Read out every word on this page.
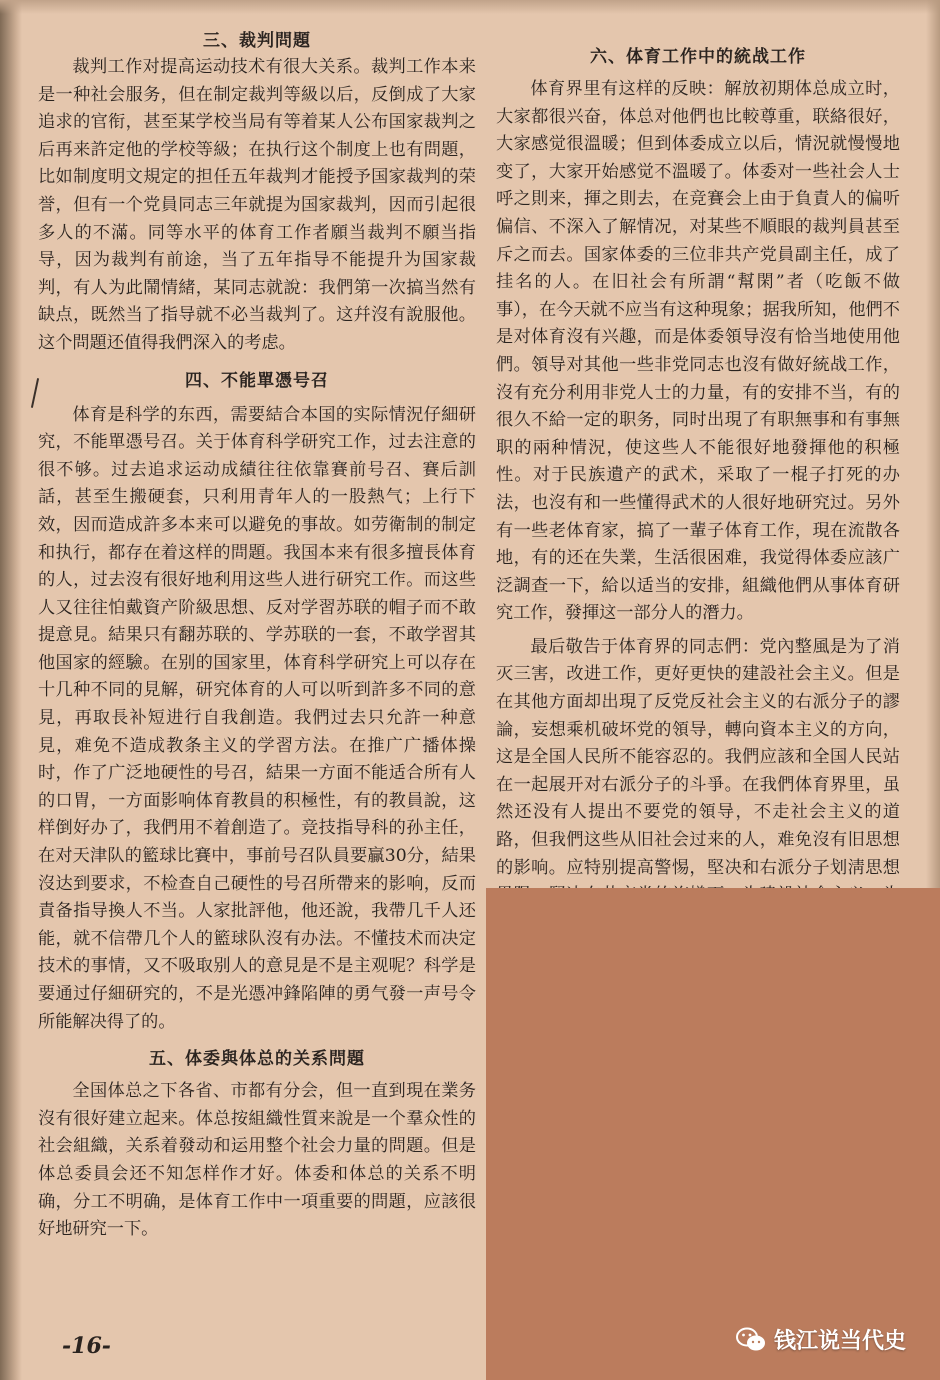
三、裁判問題

裁判工作对提高运动技术有很大关系。裁判工作本来是一种社会服务，但在制定裁判等級以后，反倒成了大家追求的官衔，甚至某学校当局有等着某人公布国家裁判之后再来許定他的学校等級；在执行这个制度上也有問題，比如制度明文規定的担任五年裁判才能授予国家裁判的荣誉，但有一个党員同志三年就提为国家裁判，因而引起很多人的不滿。同等水平的体育工作者願当裁判不願当指导，因为裁判有前途，当了五年指导不能提升为国家裁判，有人为此鬧情緒，某同志就說：我們第一次搞当然有缺点，既然当了指导就不必当裁判了。这幷沒有說服他。这个問題还值得我們深入的考虑。

四、不能單憑号召

体育是科学的东西，需要結合本国的实际情況仔細研究，不能單憑号召。关于体育科学研究工作，过去注意的很不够。过去追求运动成績往往依靠賽前号召、賽后訓話，甚至生搬硬套，只利用青年人的一股熱气；上行下效，因而造成許多本来可以避免的事故。如劳衛制的制定和执行，都存在着这样的問題。我国本来有很多擅長体育的人，过去沒有很好地利用这些人进行研究工作。而这些人又往往怕戴資产阶級思想、反对学習苏联的帽子而不敢提意見。結果只有翻苏联的、学苏联的一套，不敢学習其他国家的經驗。在别的国家里，体育科学研究上可以存在十几种不同的見解，研究体育的人可以听到許多不同的意見，再取長补短进行自我創造。我們过去只允許一种意見，难免不造成教条主义的学習方法。在推广广播体操时，作了广泛地硬性的号召，結果一方面不能适合所有人的口胃，一方面影响体育教員的积極性，有的教員說，这样倒好办了，我們用不着創造了。竞技指导科的孙主任，在对天津队的籃球比賽中，事前号召队員要贏30分，結果沒达到要求，不检查自己硬性的号召所帶来的影响，反而責备指导換人不当。人家批評他，他还說，我帶几千人还能，就不信帶几个人的籃球队沒有办法。不懂技术而决定技术的事情，又不吸取别人的意見是不是主观呢？科学是要通过仔細研究的，不是光憑冲鋒陷陣的勇气發一声号令所能解决得了的。

五、体委與体总的关系問題

全国体总之下各省、市都有分会，但一直到現在業务沒有很好建立起来。体总按組織性質来說是一个羣众性的社会組織，关系着發动和运用整个社会力量的問題。但是体总委員会还不知怎样作才好。体委和体总的关系不明确，分工不明确，是体育工作中一項重要的問題，应該很好地研究一下。

六、体育工作中的統战工作

体育界里有这样的反映：解放初期体总成立时，大家都很兴奋，体总对他們也比較尊重，联絡很好，大家感觉很溫暖；但到体委成立以后，情況就慢慢地变了，大家开始感觉不溫暖了。体委对一些社会人士呼之則来，揮之則去，在竞賽会上由于負責人的偏听偏信、不深入了解情况，对某些不順眼的裁判員甚至斥之而去。国家体委的三位非共产党員副主任，成了挂名的人。在旧社会有所謂“幫閑”者（吃飯不做事），在今天就不应当有这种現象；据我所知，他們不是对体育沒有兴趣，而是体委領导沒有恰当地使用他們。領导对其他一些非党同志也沒有做好統战工作，沒有充分利用非党人士的力量，有的安排不当，有的很久不給一定的职务，同时出現了有职無事和有事無职的兩种情況，使这些人不能很好地發揮他的积極性。对于民族遺产的武术，采取了一棍子打死的办法，也沒有和一些懂得武术的人很好地研究过。另外有一些老体育家，搞了一輩子体育工作，現在流散各地，有的还在失業，生活很困难，我觉得体委应該广泛調查一下，給以适当的安排，組織他們从事体育研究工作，發揮这一部分人的潛力。

最后敬告于体育界的同志們：党內整風是为了消灭三害，改进工作，更好更快的建設社会主义。但是在其他方面却出現了反党反社会主义的右派分子的謬論，妄想乘机破坏党的領导，轉向資本主义的方向，这是全国人民所不能容忍的。我們应該和全国人民站在一起展开对右派分子的斗爭。在我們体育界里，虽然还没有人提出不要党的領导，不走社会主义的道路，但我們这些从旧社会过来的人，难免沒有旧思想的影响。应特别提高警惕，堅决和右派分子划淸思想

-16-	钱江说当代史
